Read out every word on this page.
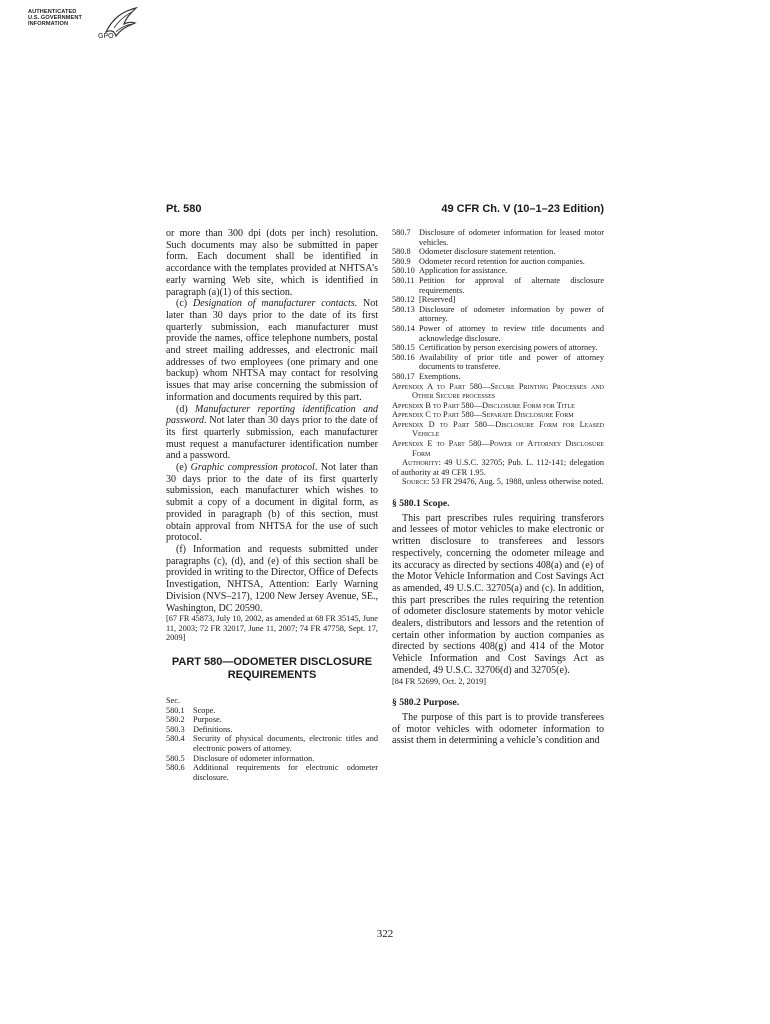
AUTHENTICATED
U.S. GOVERNMENT
INFORMATION
GPO
Pt. 580	49 CFR Ch. V (10–1–23 Edition)

or more than 300 dpi (dots per inch) resolution. Such documents may also be submitted in paper form. Each document shall be identified in accordance with the templates provided at NHTSA’s early warning Web site, which is identified in paragraph (a)(1) of this section.

(c) Designation of manufacturer contacts. Not later than 30 days prior to the date of its first quarterly submission, each manufacturer must provide the names, office telephone numbers, postal and street mailing addresses, and electronic mail addresses of two employees (one primary and one backup) whom NHTSA may contact for resolving issues that may arise concerning the submission of information and documents required by this part.

(d) Manufacturer reporting identification and password. Not later than 30 days prior to the date of its first quarterly submission, each manufacturer must request a manufacturer identification number and a password.

(e) Graphic compression protocol. Not later than 30 days prior to the date of its first quarterly submission, each manufacturer which wishes to submit a copy of a document in digital form, as provided in paragraph (b) of this section, must obtain approval from NHTSA for the use of such protocol.

(f) Information and requests submitted under paragraphs (c), (d), and (e) of this section shall be provided in writing to the Director, Office of Defects Investigation, NHTSA, Attention: Early Warning Division (NVS–217), 1200 New Jersey Avenue, SE., Washington, DC 20590.

[67 FR 45873, July 10, 2002, as amended at 68 FR 35145, June 11, 2003; 72 FR 32017, June 11, 2007; 74 FR 47758, Sept. 17, 2009]

PART 580—ODOMETER DISCLOSURE REQUIREMENTS

Sec.

580.1 Scope.

580.2 Purpose.

580.3 Definitions.

580.4 Security of physical documents, electronic titles and electronic powers of attorney.

580.5 Disclosure of odometer information.

580.6 Additional requirements for electronic odometer disclosure.

580.7 Disclosure of odometer information for leased motor vehicles.

580.8 Odometer disclosure statement retention.

580.9 Odometer record retention for auction companies.

580.10 Application for assistance.

580.11 Petition for approval of alternate disclosure requirements.

580.12 [Reserved]

580.13 Disclosure of odometer information by power of attorney.

580.14 Power of attorney to review title documents and acknowledge disclosure.

580.15 Certification by person exercising powers of attorney.

580.16 Availability of prior title and power of attorney documents to transferee.

580.17 Exemptions.

Appendix A to Part 580—Secure Printing Processes and Other Secure processes

Appendix B to Part 580—Disclosure Form for Title

Appendix C to Part 580—Separate Disclosure Form

Appendix D to Part 580—Disclosure Form for Leased Vehicle

Appendix E to Part 580—Power of Attorney Disclosure Form

Authority: 49 U.S.C. 32705; Pub. L. 112-141; delegation of authority at 49 CFR 1.95.

Source: 53 FR 29476, Aug. 5, 1988, unless otherwise noted.

§ 580.1 Scope.

This part prescribes rules requiring transferors and lessees of motor vehicles to make electronic or written disclosure to transferees and lessors respectively, concerning the odometer mileage and its accuracy as directed by sections 408(a) and (e) of the Motor Vehicle Information and Cost Savings Act as amended, 49 U.S.C. 32705(a) and (c). In addition, this part prescribes the rules requiring the retention of odometer disclosure statements by motor vehicle dealers, distributors and lessors and the retention of certain other information by auction companies as directed by sections 408(g) and 414 of the Motor Vehicle Information and Cost Savings Act as amended, 49 U.S.C. 32706(d) and 32705(e).

[84 FR 52699, Oct. 2, 2019]

§ 580.2 Purpose.

The purpose of this part is to provide transferees of motor vehicles with odometer information to assist them in determining a vehicle’s condition and

322
